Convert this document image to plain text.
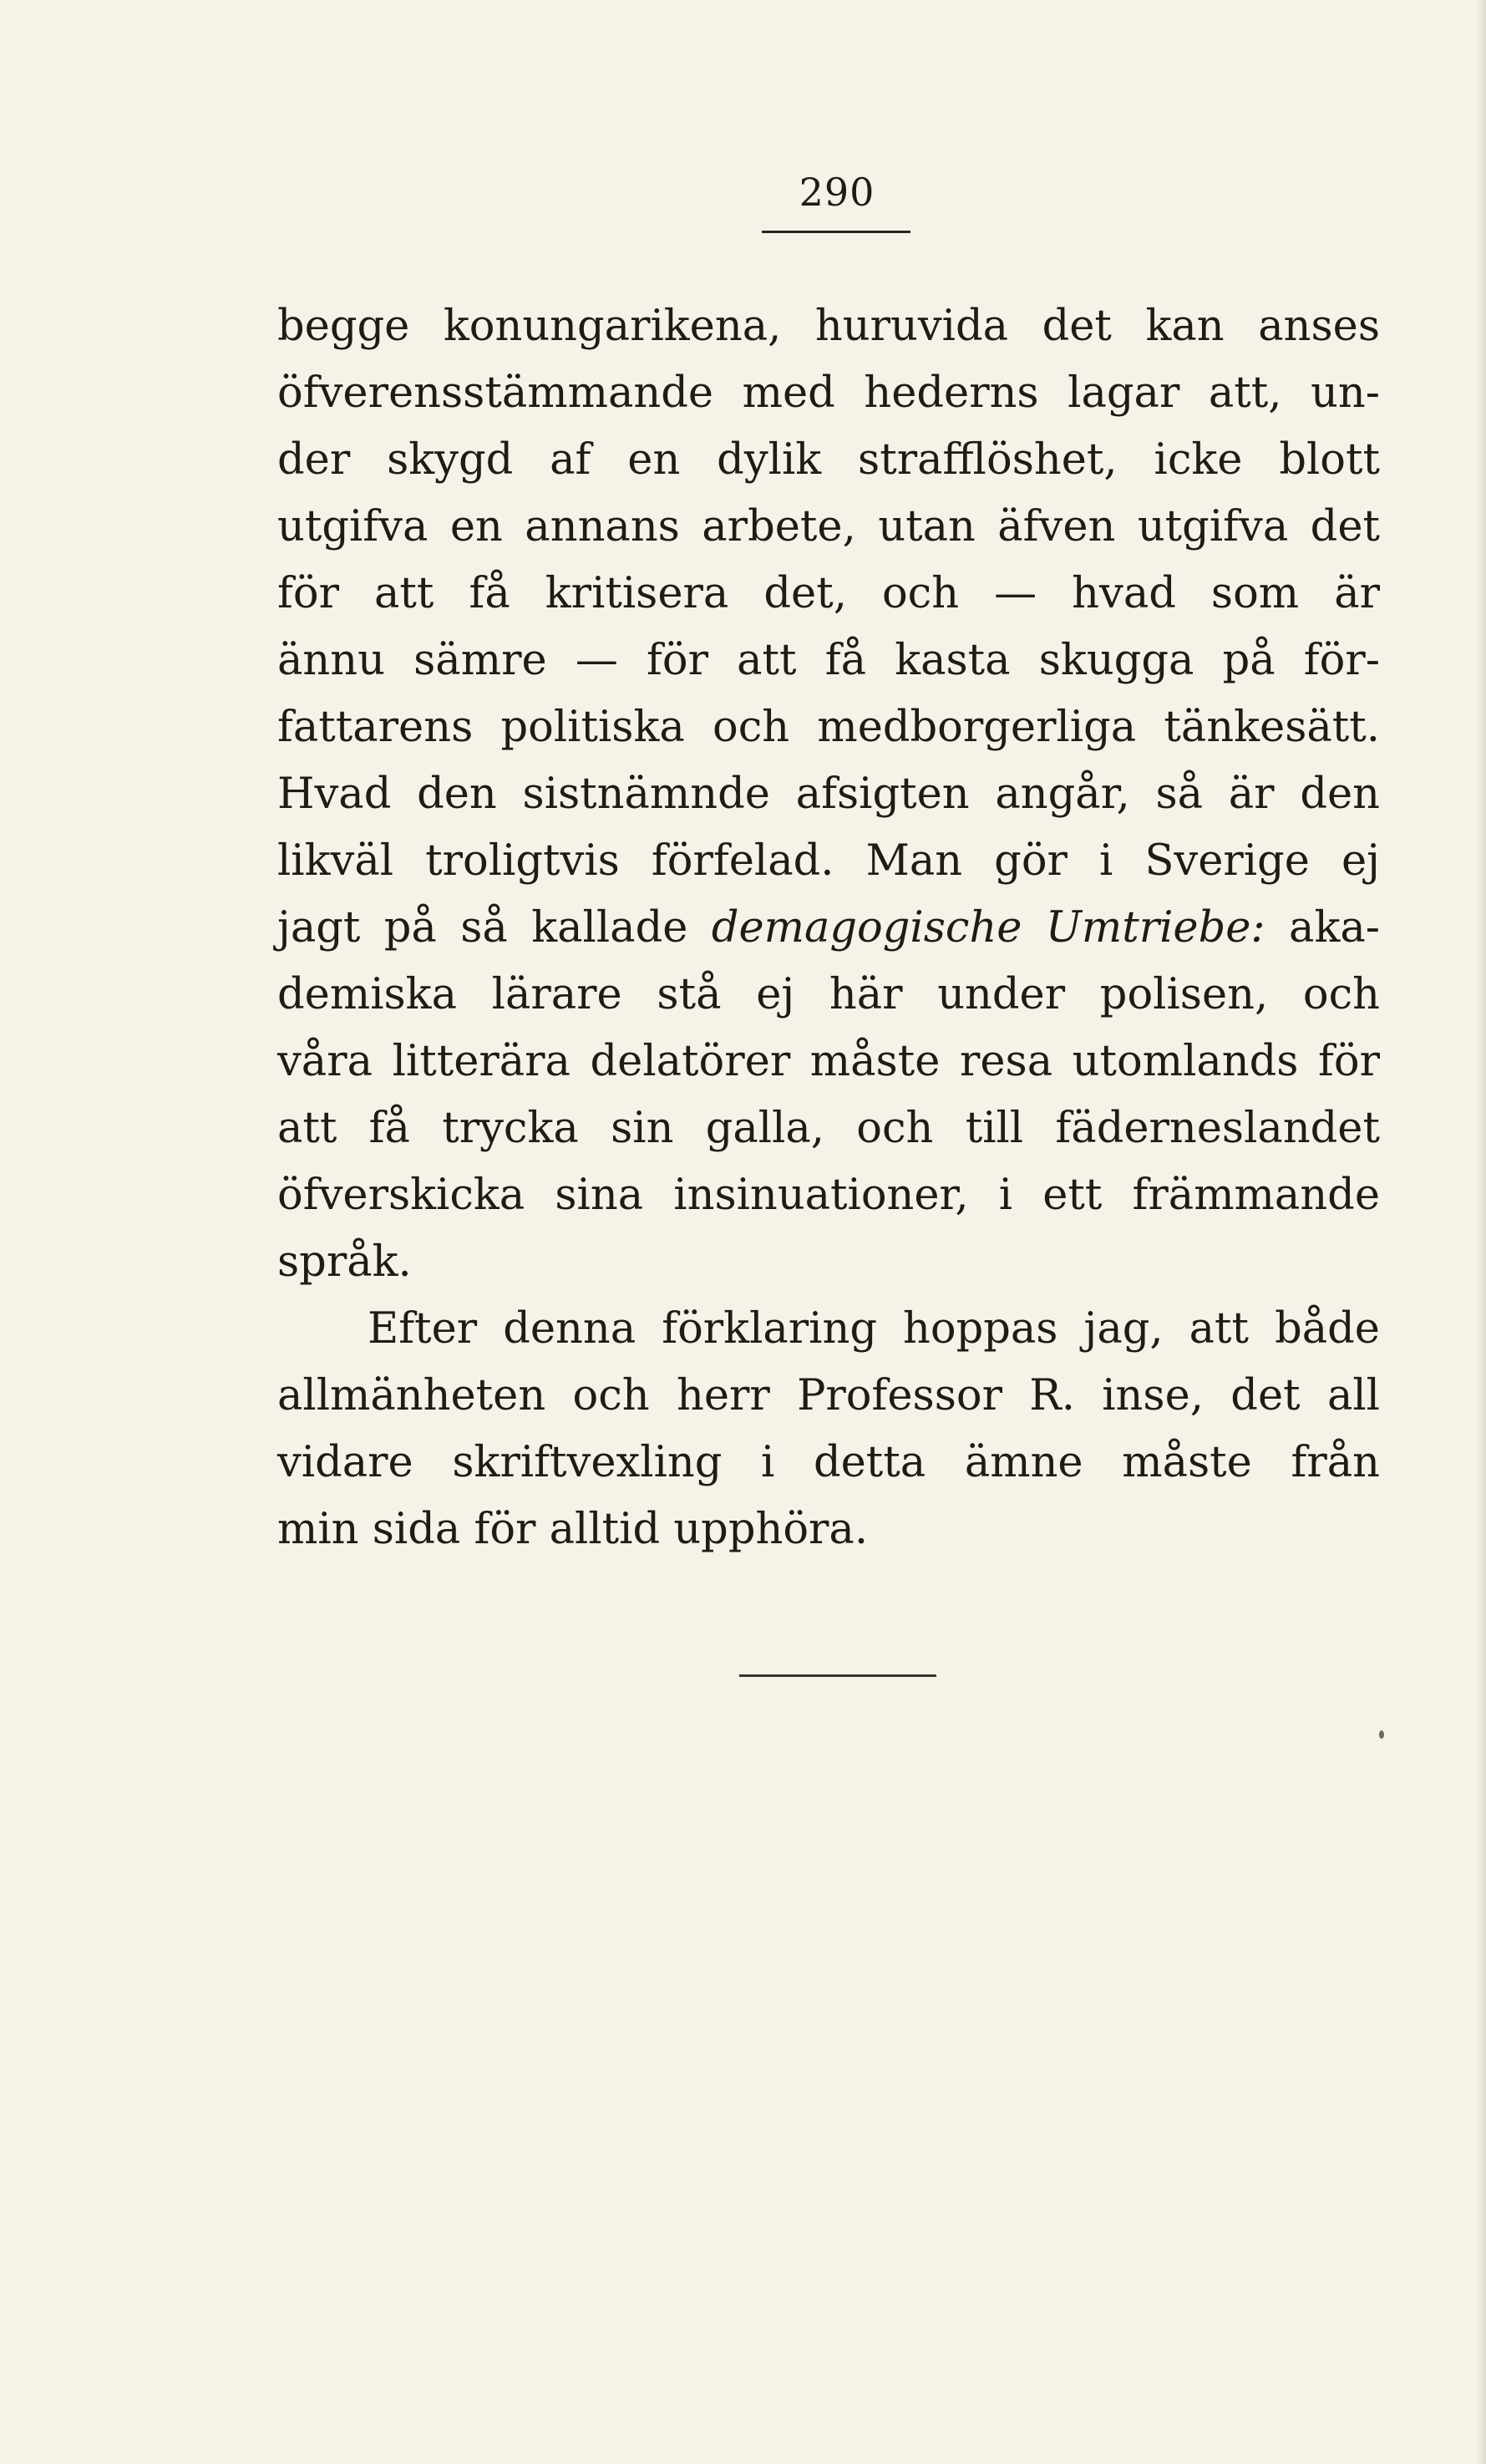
290
begge konungarikena, huruvida det kan anses
öfverensstämmande med hederns lagar att, un-
der skygd af en dylik strafflöshet, icke blott
utgifva en annans arbete, utan äfven utgifva det
för att få kritisera det, och — hvad som är
ännu sämre — för att få kasta skugga på för-
fattarens politiska och medborgerliga tänkesätt.
Hvad den sistnämnde afsigten angår, så är den
likväl troligtvis förfelad. Man gör i Sverige ej
jagt på så kallade demagogische Umtriebe: aka-
demiska lärare stå ej här under polisen, och
våra litterära delatörer måste resa utomlands för
att få trycka sin galla, och till fäderneslandet
öfverskicka sina insinuationer, i ett främmande
språk.
Efter denna förklaring hoppas jag, att både
allmänheten och herr Professor R. inse, det all
vidare skriftvexling i detta ämne måste från
min sida för alltid upphöra.
